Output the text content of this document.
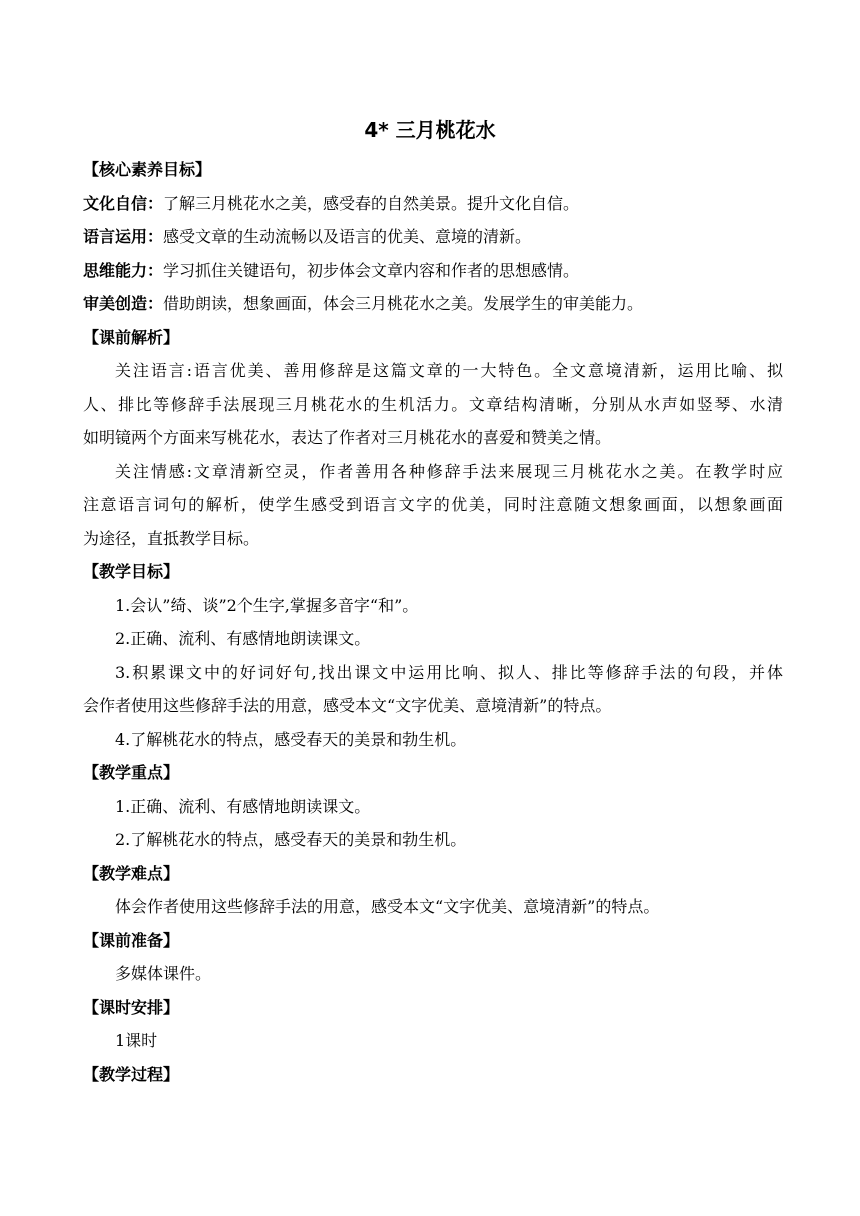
4* 三月桃花水
【核心素养目标】
文化自信：了解三月桃花水之美，感受春的自然美景。提升文化自信。
语言运用：感受文章的生动流畅以及语言的优美、意境的清新。
思维能力：学习抓住关键语句，初步体会文章内容和作者的思想感情。
审美创造：借助朗读，想象画面，体会三月桃花水之美。发展学生的审美能力。
【课前解析】
关注语言:语言优美、善用修辞是这篇文章的一大特色。全文意境清新，运用比喻、拟
人、排比等修辞手法展现三月桃花水的生机活力。文章结构清晰，分别从水声如竖琴、水清
如明镜两个方面来写桃花水，表达了作者对三月桃花水的喜爱和赞美之情。
关注情感:文章清新空灵，作者善用各种修辞手法来展现三月桃花水之美。在教学时应
注意语言词句的解析，使学生感受到语言文字的优美，同时注意随文想象画面，以想象画面
为途径，直抵教学目标。
【教学目标】
1.会认”绮、谈”2个生字,掌握多音字“和”。
2.正确、流利、有感情地朗读课文。
3.积累课文中的好词好句,找出课文中运用比响、拟人、排比等修辞手法的句段，并体
会作者使用这些修辞手法的用意，感受本文“文字优美、意境清新”的特点。
4.了解桃花水的特点，感受春天的美景和勃生机。
【教学重点】
1.正确、流利、有感情地朗读课文。
2.了解桃花水的特点，感受春天的美景和勃生机。
【教学难点】
体会作者使用这些修辞手法的用意，感受本文“文字优美、意境清新”的特点。
【课前准备】
多媒体课件。
【课时安排】
1课时
【教学过程】
